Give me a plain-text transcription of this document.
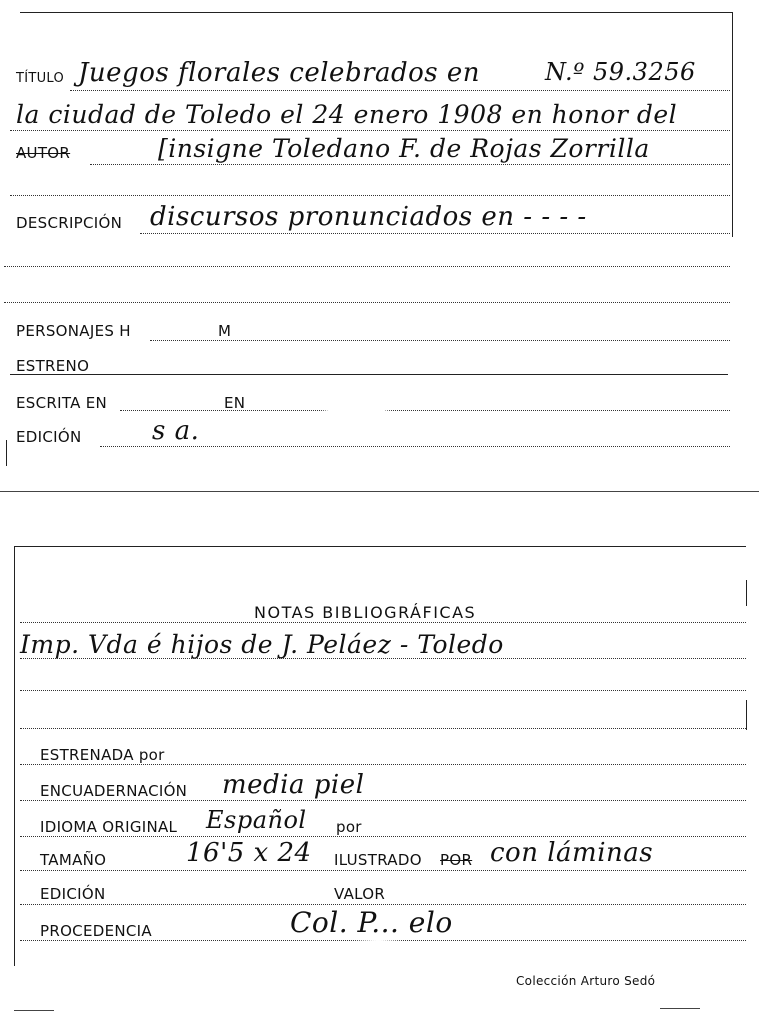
TÍTULO Juegos florales celebrados en	N.º 59.3256
la ciudad de Toledo el 24 enero 1908 en honor del
AUTOR	[insigne Toledano F. de Rojas Zorrilla
DESCRIPCIÓN discursos pronunciados en - - - -
PERSONAJES H	M
ESTRENO
ESCRITA EN	EN
EDICIÓN	s a.
NOTAS BIBLIOGRÁFICAS
Imp. Vda é hijos de J. Peláez - Toledo
ESTRENADA por
ENCUADERNACIÓN media piel
IDIOMA ORIGINAL Español por
TAMAÑO	16'5 x 24 ILUSTRADO POR con láminas
EDICIÓN	VALOR
PROCEDENCIA	Col. P... elo
Colección Arturo Sedó
